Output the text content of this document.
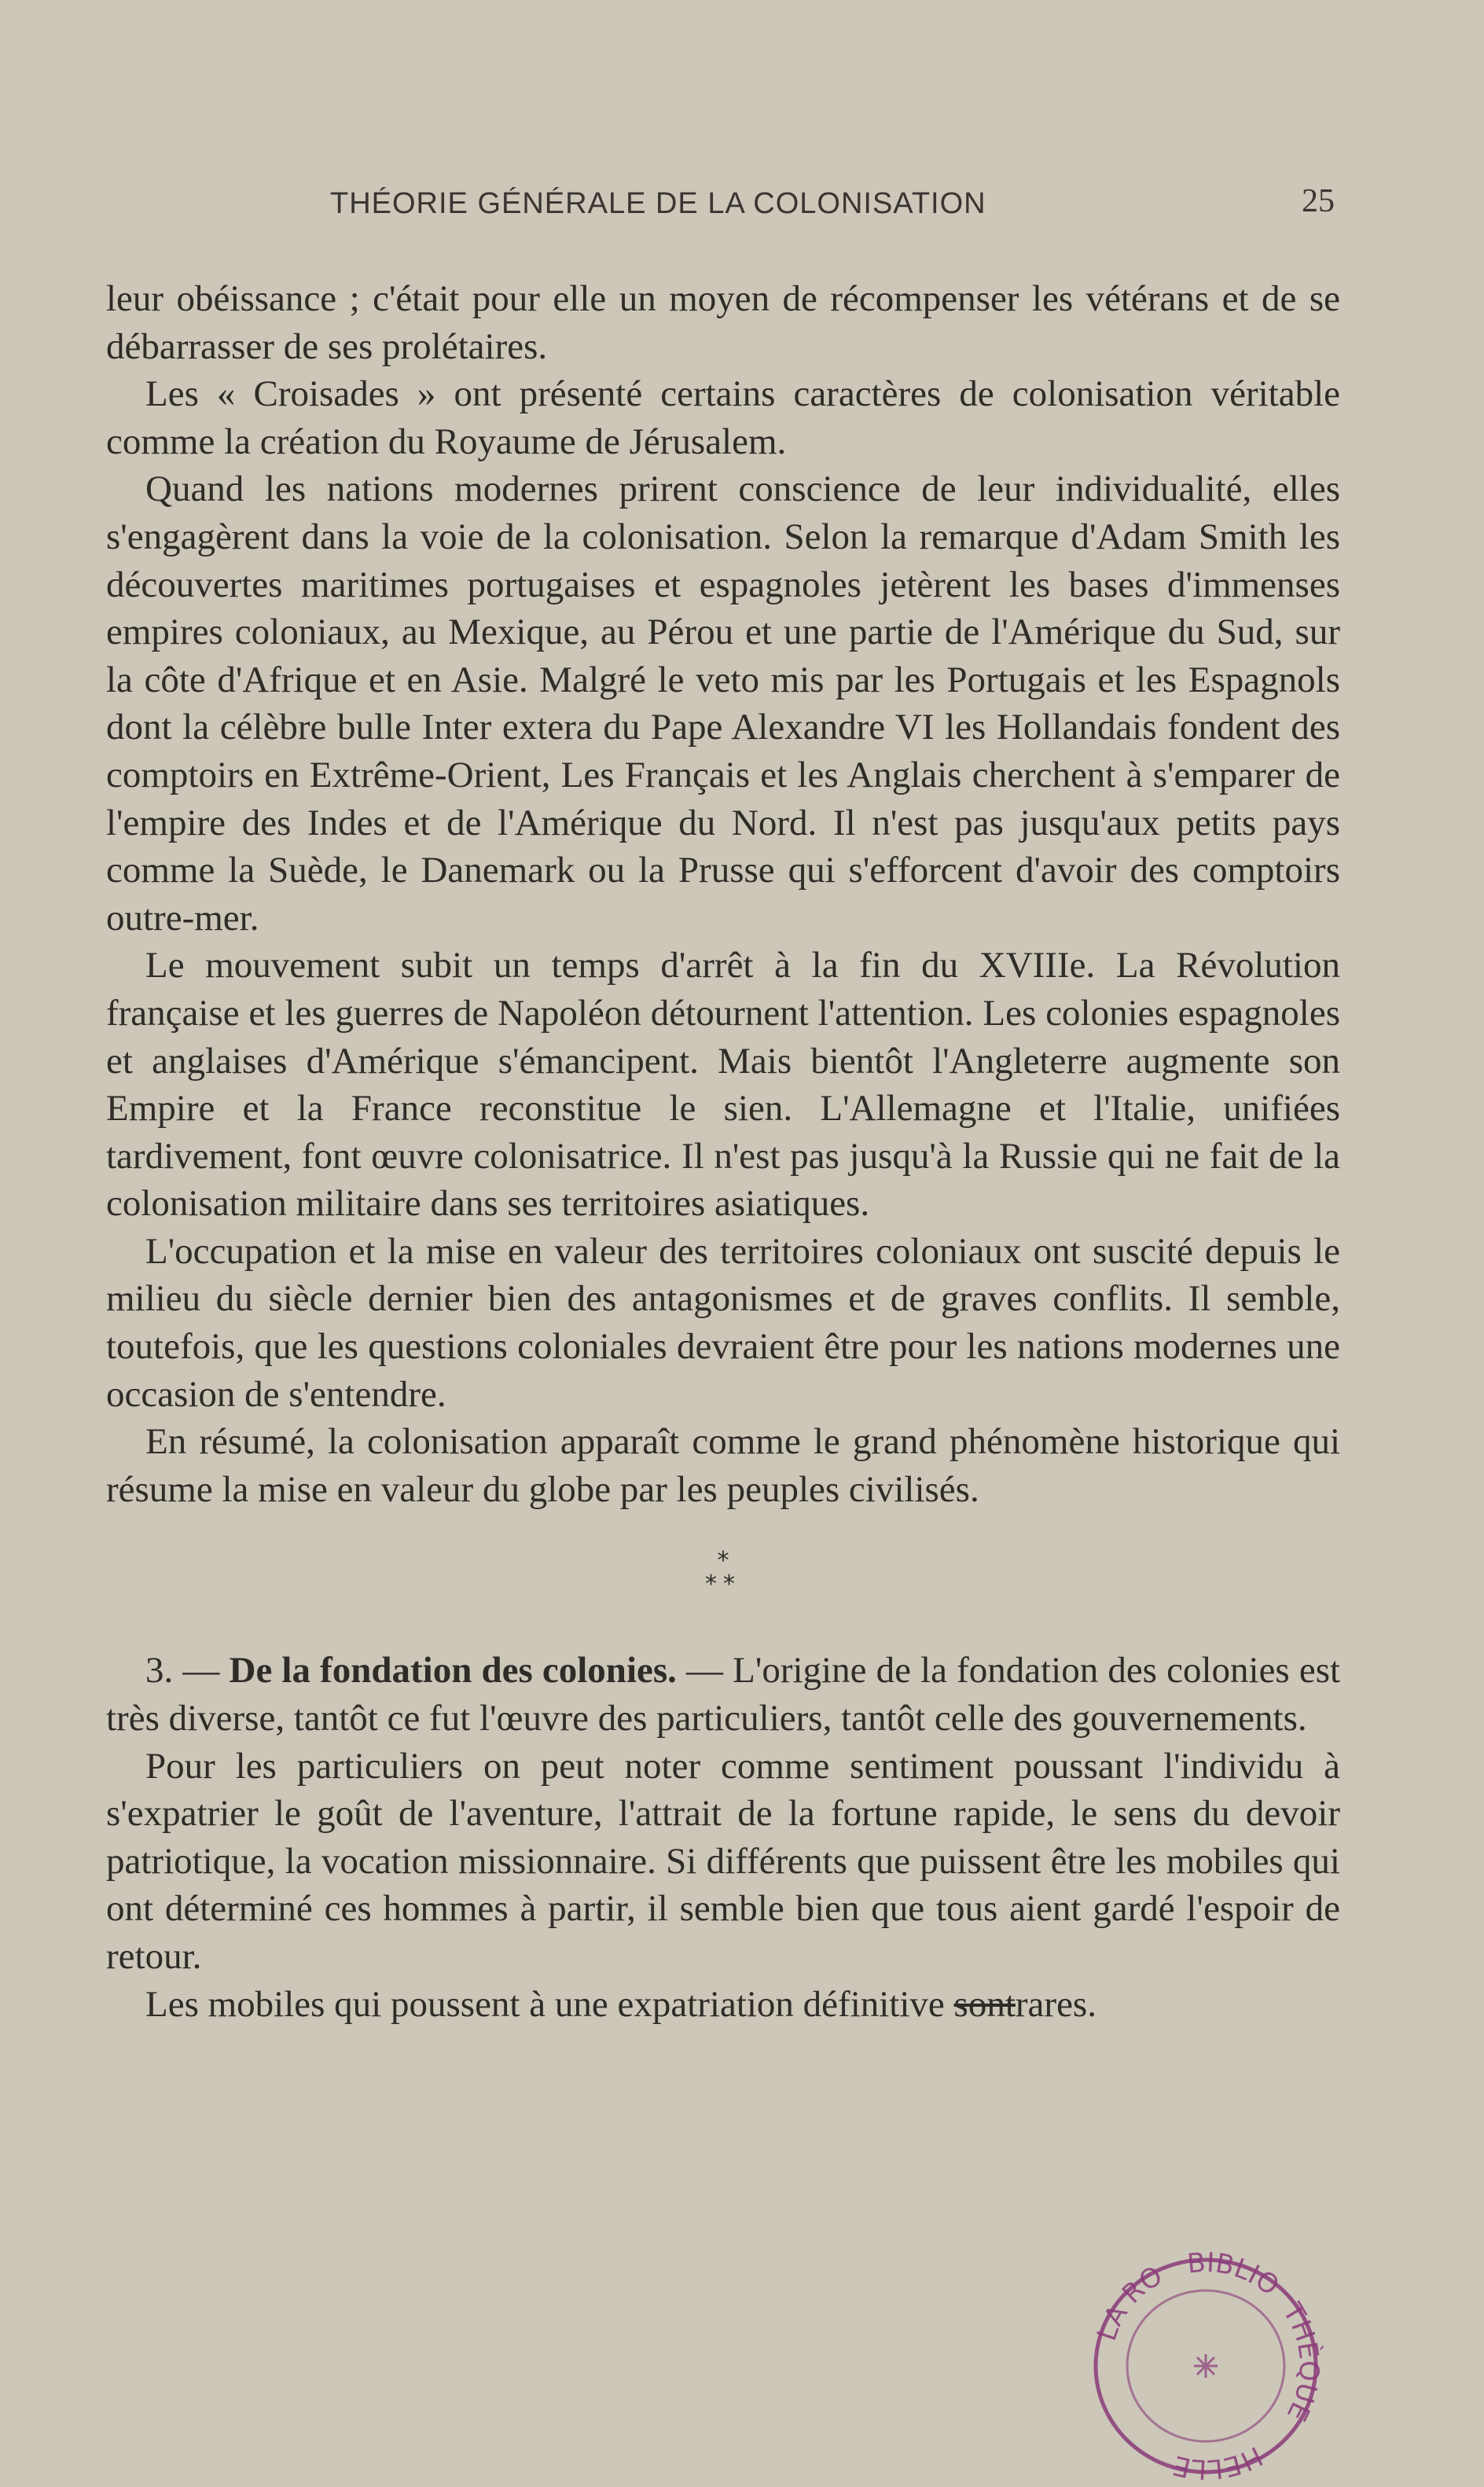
THÉORIE GÉNÉRALE DE LA COLONISATION	25

leur obéissance ; c'était pour elle un moyen de récompenser les vétérans et de se débarrasser de ses prolétaires.

Les « Croisades » ont présenté certains caractères de colonisation véritable comme la création du Royaume de Jérusalem.

Quand les nations modernes prirent conscience de leur individualité, elles s'engagèrent dans la voie de la colonisation. Selon la remarque d'Adam Smith les découvertes maritimes portugaises et espagnoles jetèrent les bases d'immenses empires coloniaux, au Mexique, au Pérou et une partie de l'Amérique du Sud, sur la côte d'Afrique et en Asie. Malgré le veto mis par les Portugais et les Espagnols dont la célèbre bulle Inter extera du Pape Alexandre VI les Hollandais fondent des comptoirs en Extrême-Orient, Les Français et les Anglais cherchent à s'emparer de l'empire des Indes et de l'Amérique du Nord. Il n'est pas jusqu'aux petits pays comme la Suède, le Danemark ou la Prusse qui s'efforcent d'avoir des comptoirs outre-mer.

Le mouvement subit un temps d'arrêt à la fin du XVIIIe. La Révolution française et les guerres de Napoléon détournent l'attention. Les colonies espagnoles et anglaises d'Amérique s'émancipent. Mais bientôt l'Angleterre augmente son Empire et la France reconstitue le sien. L'Allemagne et l'Italie, unifiées tardivement, font œuvre colonisatrice. Il n'est pas jusqu'à la Russie qui ne fait de la colonisation militaire dans ses territoires asiatiques.

L'occupation et la mise en valeur des territoires coloniaux ont suscité depuis le milieu du siècle dernier bien des antagonismes et de graves conflits. Il semble, toutefois, que les questions coloniales devraient être pour les nations modernes une occasion de s'entendre.

En résumé, la colonisation apparaît comme le grand phénomène historique qui résume la mise en valeur du globe par les peuples civilisés.

*
**

3. — De la fondation des colonies. — L'origine de la fondation des colonies est très diverse, tantôt ce fut l'œuvre des particuliers, tantôt celle des gouvernements.

Pour les particuliers on peut noter comme sentiment poussant l'individu à s'expatrier le goût de l'aventure, l'attrait de la fortune rapide, le sens du devoir patriotique, la vocation missionnaire. Si différents que puissent être les mobiles qui ont déterminé ces hommes à partir, il semble bien que tous aient gardé l'espoir de retour.

Les mobiles qui poussent à une expatriation définitive sontrares.

LA RO BIBLIO
THÈQUE
HELLE
